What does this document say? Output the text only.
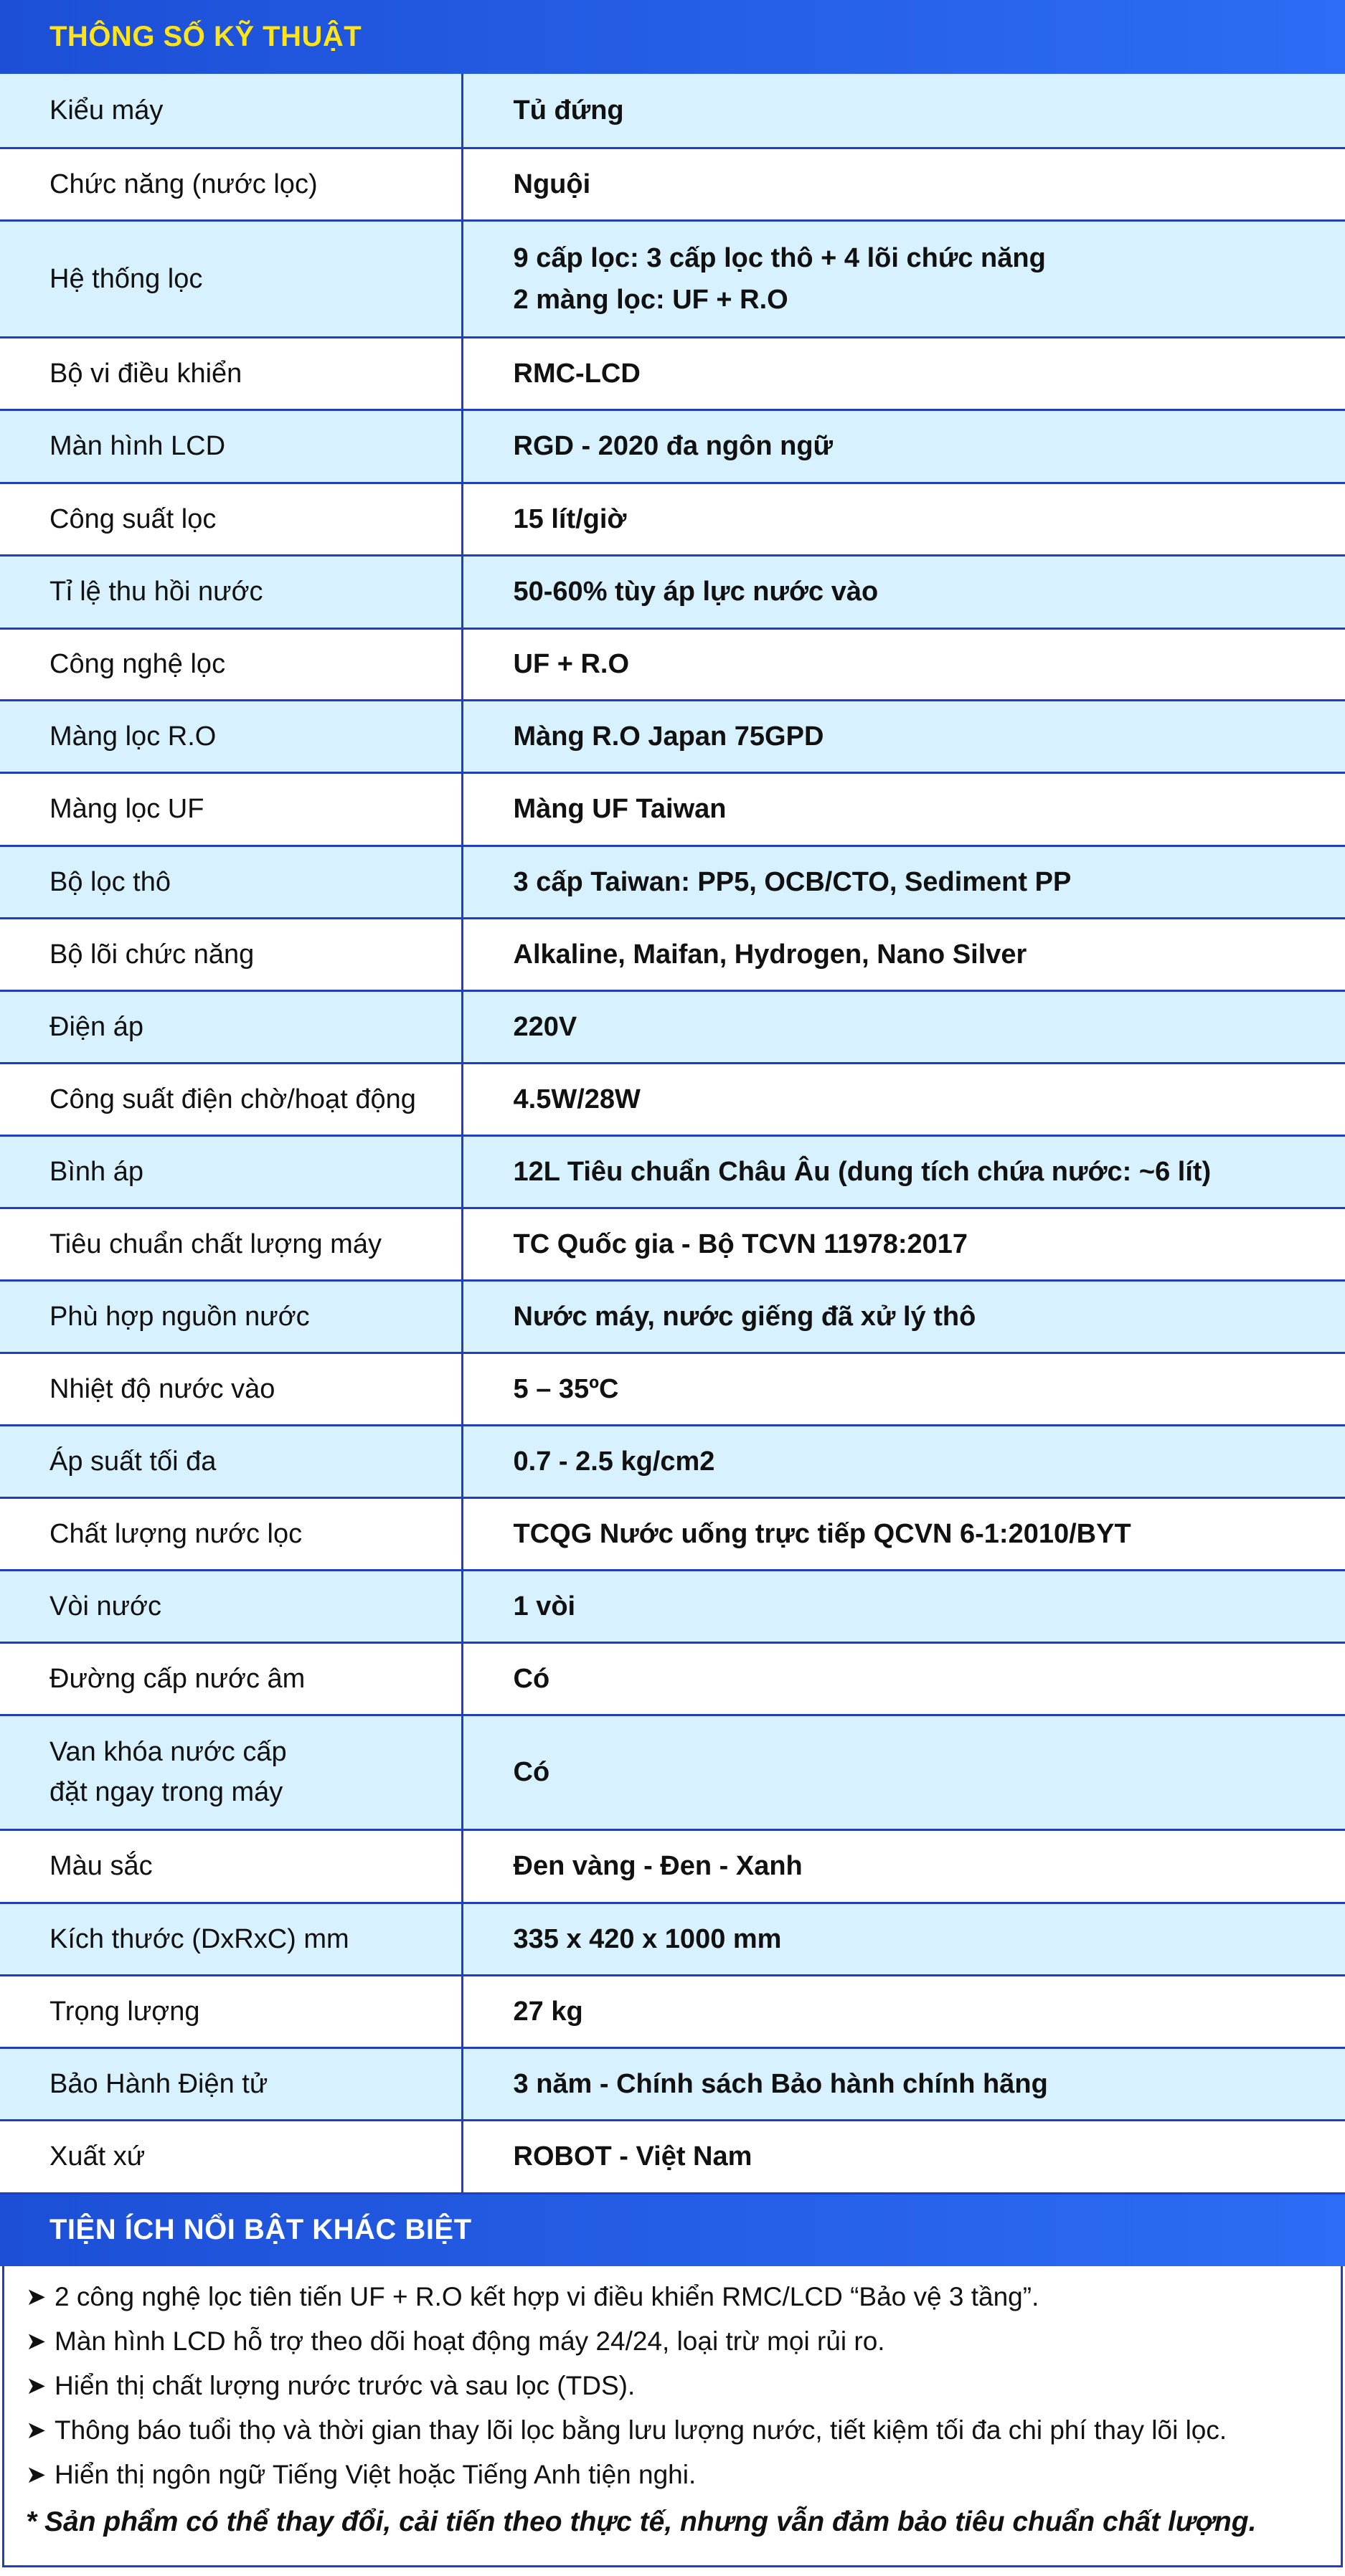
THÔNG SỐ KỸ THUẬT
Kiểu máy	Tủ đứng

Chức năng (nước lọc)	Nguội

Hệ thống lọc	9 cấp lọc: 3 cấp lọc thô + 4 lõi chức năng
2 màng lọc: UF + R.O

Bộ vi điều khiển	RMC-LCD

Màn hình LCD	RGD - 2020 đa ngôn ngữ

Công suất lọc	15 lít/giờ

Tỉ lệ thu hồi nước	50-60% tùy áp lực nước vào

Công nghệ lọc	UF + R.O

Màng lọc R.O	Màng R.O Japan 75GPD

Màng lọc UF	Màng UF Taiwan

Bộ lọc thô	3 cấp Taiwan: PP5, OCB/CTO, Sediment PP

Bộ lõi chức năng	Alkaline, Maifan, Hydrogen, Nano Silver

Điện áp	220V

Công suất điện chờ/hoạt động	4.5W/28W

Bình áp	12L Tiêu chuẩn Châu Âu (dung tích chứa nước: ~6 lít)

Tiêu chuẩn chất lượng máy	TC Quốc gia - Bộ TCVN 11978:2017

Phù hợp nguồn nước	Nước máy, nước giếng đã xử lý thô

Nhiệt độ nước vào	5 – 35ºC

Áp suất tối đa	0.7 - 2.5 kg/cm2

Chất lượng nước lọc	TCQG Nước uống trực tiếp QCVN 6-1:2010/BYT

Vòi nước	1 vòi

Đường cấp nước âm	Có

Van khóa nước cấp
đặt ngay trong máy	Có

Màu sắc	Đen vàng - Đen - Xanh

Kích thước (DxRxC) mm	335 x 420 x 1000 mm

Trọng lượng	27 kg

Bảo Hành Điện tử	3 năm - Chính sách Bảo hành chính hãng

Xuất xứ	ROBOT - Việt Nam
TIỆN ÍCH NỔI BẬT KHÁC BIỆT
➤ 2 công nghệ lọc tiên tiến UF + R.O kết hợp vi điều khiển RMC/LCD “Bảo vệ 3 tầng”.
➤ Màn hình LCD hỗ trợ theo dõi hoạt động máy 24/24, loại trừ mọi rủi ro.
➤ Hiển thị chất lượng nước trước và sau lọc (TDS).
➤ Thông báo tuổi thọ và thời gian thay lõi lọc bằng lưu lượng nước, tiết kiệm tối đa chi phí thay lõi lọc.
➤ Hiển thị ngôn ngữ Tiếng Việt hoặc Tiếng Anh tiện nghi.
* Sản phẩm có thể thay đổi, cải tiến theo thực tế, nhưng vẫn đảm bảo tiêu chuẩn chất lượng.
